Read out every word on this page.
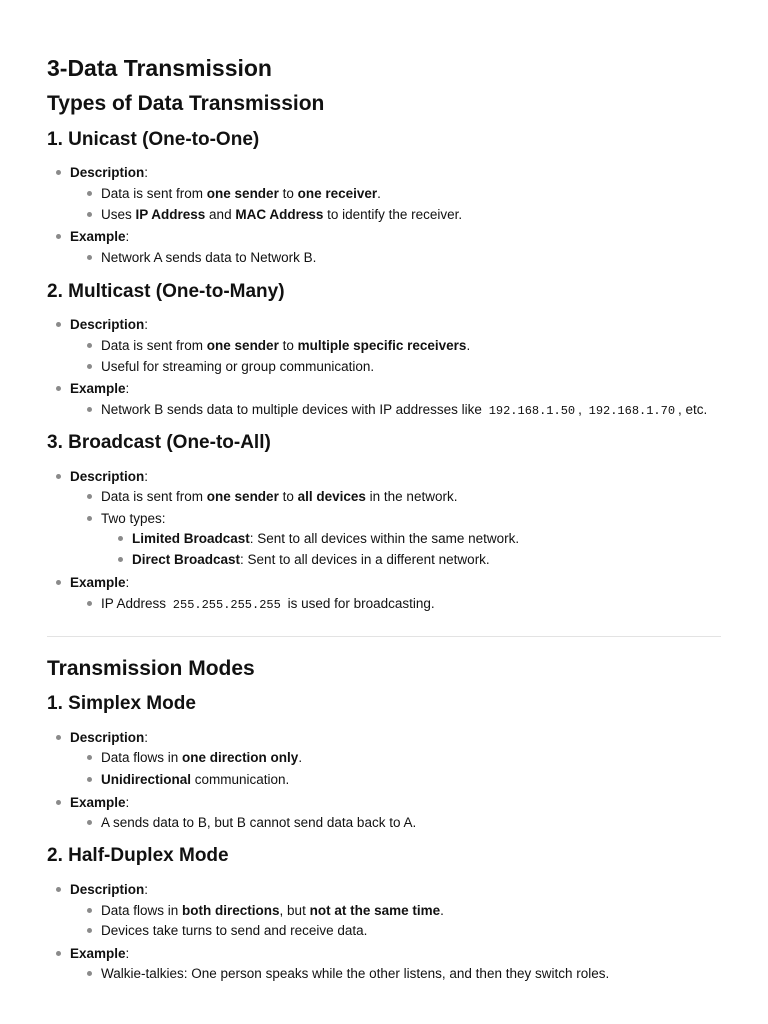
3-Data Transmission
Types of Data Transmission
1. Unicast (One-to-One)
Description:
Data is sent from one sender to one receiver.
Uses IP Address and MAC Address to identify the receiver.
Example:
Network A sends data to Network B.
2. Multicast (One-to-Many)
Description:
Data is sent from one sender to multiple specific receivers.
Useful for streaming or group communication.
Example:
Network B sends data to multiple devices with IP addresses like 192.168.1.50 , 192.168.1.70 , etc.
3. Broadcast (One-to-All)
Description:
Data is sent from one sender to all devices in the network.
Two types:
Limited Broadcast: Sent to all devices within the same network.
Direct Broadcast: Sent to all devices in a different network.
Example:
IP Address 255.255.255.255 is used for broadcasting.
Transmission Modes
1. Simplex Mode
Description:
Data flows in one direction only.
Unidirectional communication.
Example:
A sends data to B, but B cannot send data back to A.
2. Half-Duplex Mode
Description:
Data flows in both directions, but not at the same time.
Devices take turns to send and receive data.
Example:
Walkie-talkies: One person speaks while the other listens, and then they switch roles.
